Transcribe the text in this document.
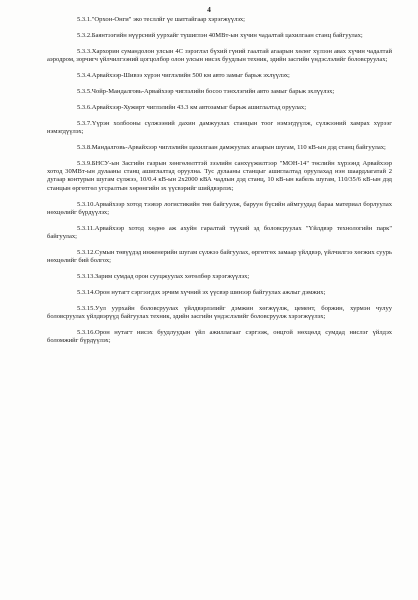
4

5.3.1."Орхон-Онги" эко тесллйг үе шаттайгаар хэрэгжүүлэх;

5.3.2.Баянтээгийн нүүрсний уурхайг түшиглэн 40МВт-ын хүчин чадалтай цахилгаан станц байгуулах;

5.3.3.Хархорин сумандолон улсын 4С зэрэглэл бүхий гүний гаалтай агаарын хөлөг хүлээн авах хүчин чадалтай аэродром, зорчигч үйлчилгээний цогцолбор олон улсын нисэх буудлын техник, эдийн засгийн үндэслэлийг боловсруулах;

5.3.4.Арвайхээр-Шивээ хүрэн чиглэлийн 500 км авто замыг барьж эхлүүлэх;

5.3.5.Чойр-Мандалговь-Арвайхээр чиглэлийн босоо тэнхлэгийн авто замыг барьж эхлүүлэх;

5.3.6.Арвайхээр-Хужирт чиглэлийн 43.3 км автозамыг барьж ашиглалтад оруулах;

5.3.7.Үүрэн холбооны сүлжээний дахин дамжуулах станцын тоог нэмэгдүүлж, сүлжээний хамрах хүрээг нэмэгдүүлэх;

5.3.8.Мандалговь-Арвайхээр чиглэлийн цахилгаан дамжуулах агаарын шугам, 110 кВ-ын дэд станц байгуулах;

5.3.9.БНСУ-ын Засгийн газрын хөнгөлөлттэй зээлийн санхүүжилтээр "МОН-14" төслийн хүрээнд Арвайхээр хотод 30МВт-ын дулааны станц ашиглалтад оруулна. Тус дулааны станцыг ашиглалтад оруулахад нэн шаардлагатай 2 дугаар контурын шугам сүлжээ, 10/0.4 кВ-ын 2х2000 кВА чадлын дэд станц, 10 кВ-ын кабель шугам, 110/35/6 кВ-ын дэд станцын өргөтгөл угсралтын хөрөнгийн эх үүсвэрийг шийдвэрлэх;

5.3.10.Арвайхээр хотод тээвэр логистикийн төв байгуулж, баруун бүсийн аймгуудад бараа материал борлуулах нөхцөлийг бүрдүүлэх;

5.3.11.Арвайхээр хотод хөдөө аж ахуйн гаралтай түүхий эд боловсруулах "Үйлдвэр технологийн парк" байгуулах;

5.3.12.Сумын төвүүдэд инженерийн шугам сүлжээ байгуулах, өргөтгөх замаар үйлдвэр, үйлчилгээ хөгжих суурь нөхцөлийг бий болгох;

5.3.13.Зарим сумдад орон сууцжуулах хөтөлбөр хэрэгжүүлэх;

5.3.14.Орон нутагт сэргээгдэх эрчим хүчний эх үүсвэр шинээр байгуулах ажлыг дэмжих;

5.3.15.Уул уурхайн боловсруулах үйлдвэрлэлийг дэмжин хөгжүүлж, цемент, боржин, хурмэн чулуу боловсруулах үйлдвэрүүд байгуулах техник, эдийн засгийн үндэслэлийг боловсруулж хэрэгжүүлэх;

5.3.16.Орон нутагт нисэх буудлуудын үйл ажиллагааг сэргээж, онцгой нөхцөлд сумдад нислэг үйлдэх боломжийг бүрдүүлэх;
